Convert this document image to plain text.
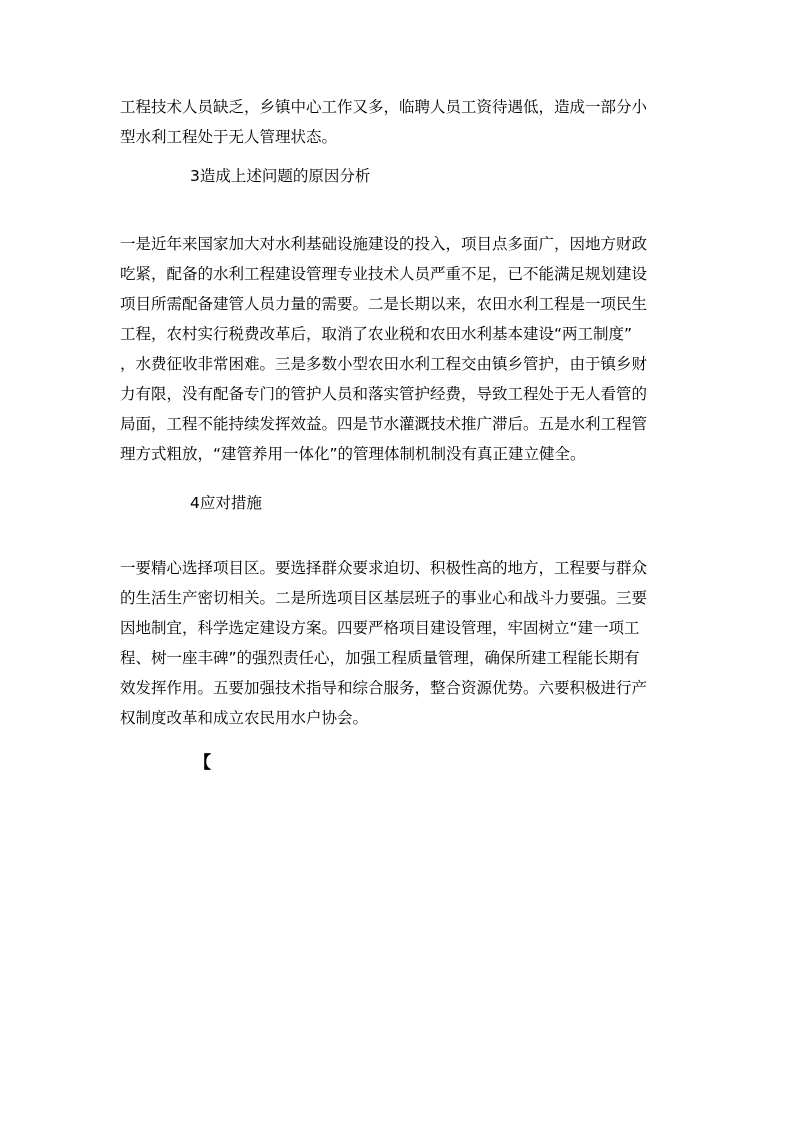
工程技术人员缺乏，乡镇中心工作又多，临聘人员工资待遇低，造成一部分小
型水利工程处于无人管理状态。
3造成上述问题的原因分析
一是近年来国家加大对水利基础设施建设的投入，项目点多面广，因地方财政
吃紧，配备的水利工程建设管理专业技术人员严重不足，已不能满足规划建设
项目所需配备建管人员力量的需要。二是长期以来，农田水利工程是一项民生
工程，农村实行税费改革后，取消了农业税和农田水利基本建设“两工制度”
，水费征收非常困难。三是多数小型农田水利工程交由镇乡管护，由于镇乡财
力有限，没有配备专门的管护人员和落实管护经费，导致工程处于无人看管的
局面，工程不能持续发挥效益。四是节水灌溉技术推广滞后。五是水利工程管
理方式粗放，“建管养用一体化”的管理体制机制没有真正建立健全。
4应对措施
一要精心选择项目区。要选择群众要求迫切、积极性高的地方，工程要与群众
的生活生产密切相关。二是所选项目区基层班子的事业心和战斗力要强。三要
因地制宜，科学选定建设方案。四要严格项目建设管理，牢固树立“建一项工
程、树一座丰碑”的强烈责任心，加强工程质量管理，确保所建工程能长期有
效发挥作用。五要加强技术指导和综合服务，整合资源优势。六要积极进行产
权制度改革和成立农民用水户协会。
【
